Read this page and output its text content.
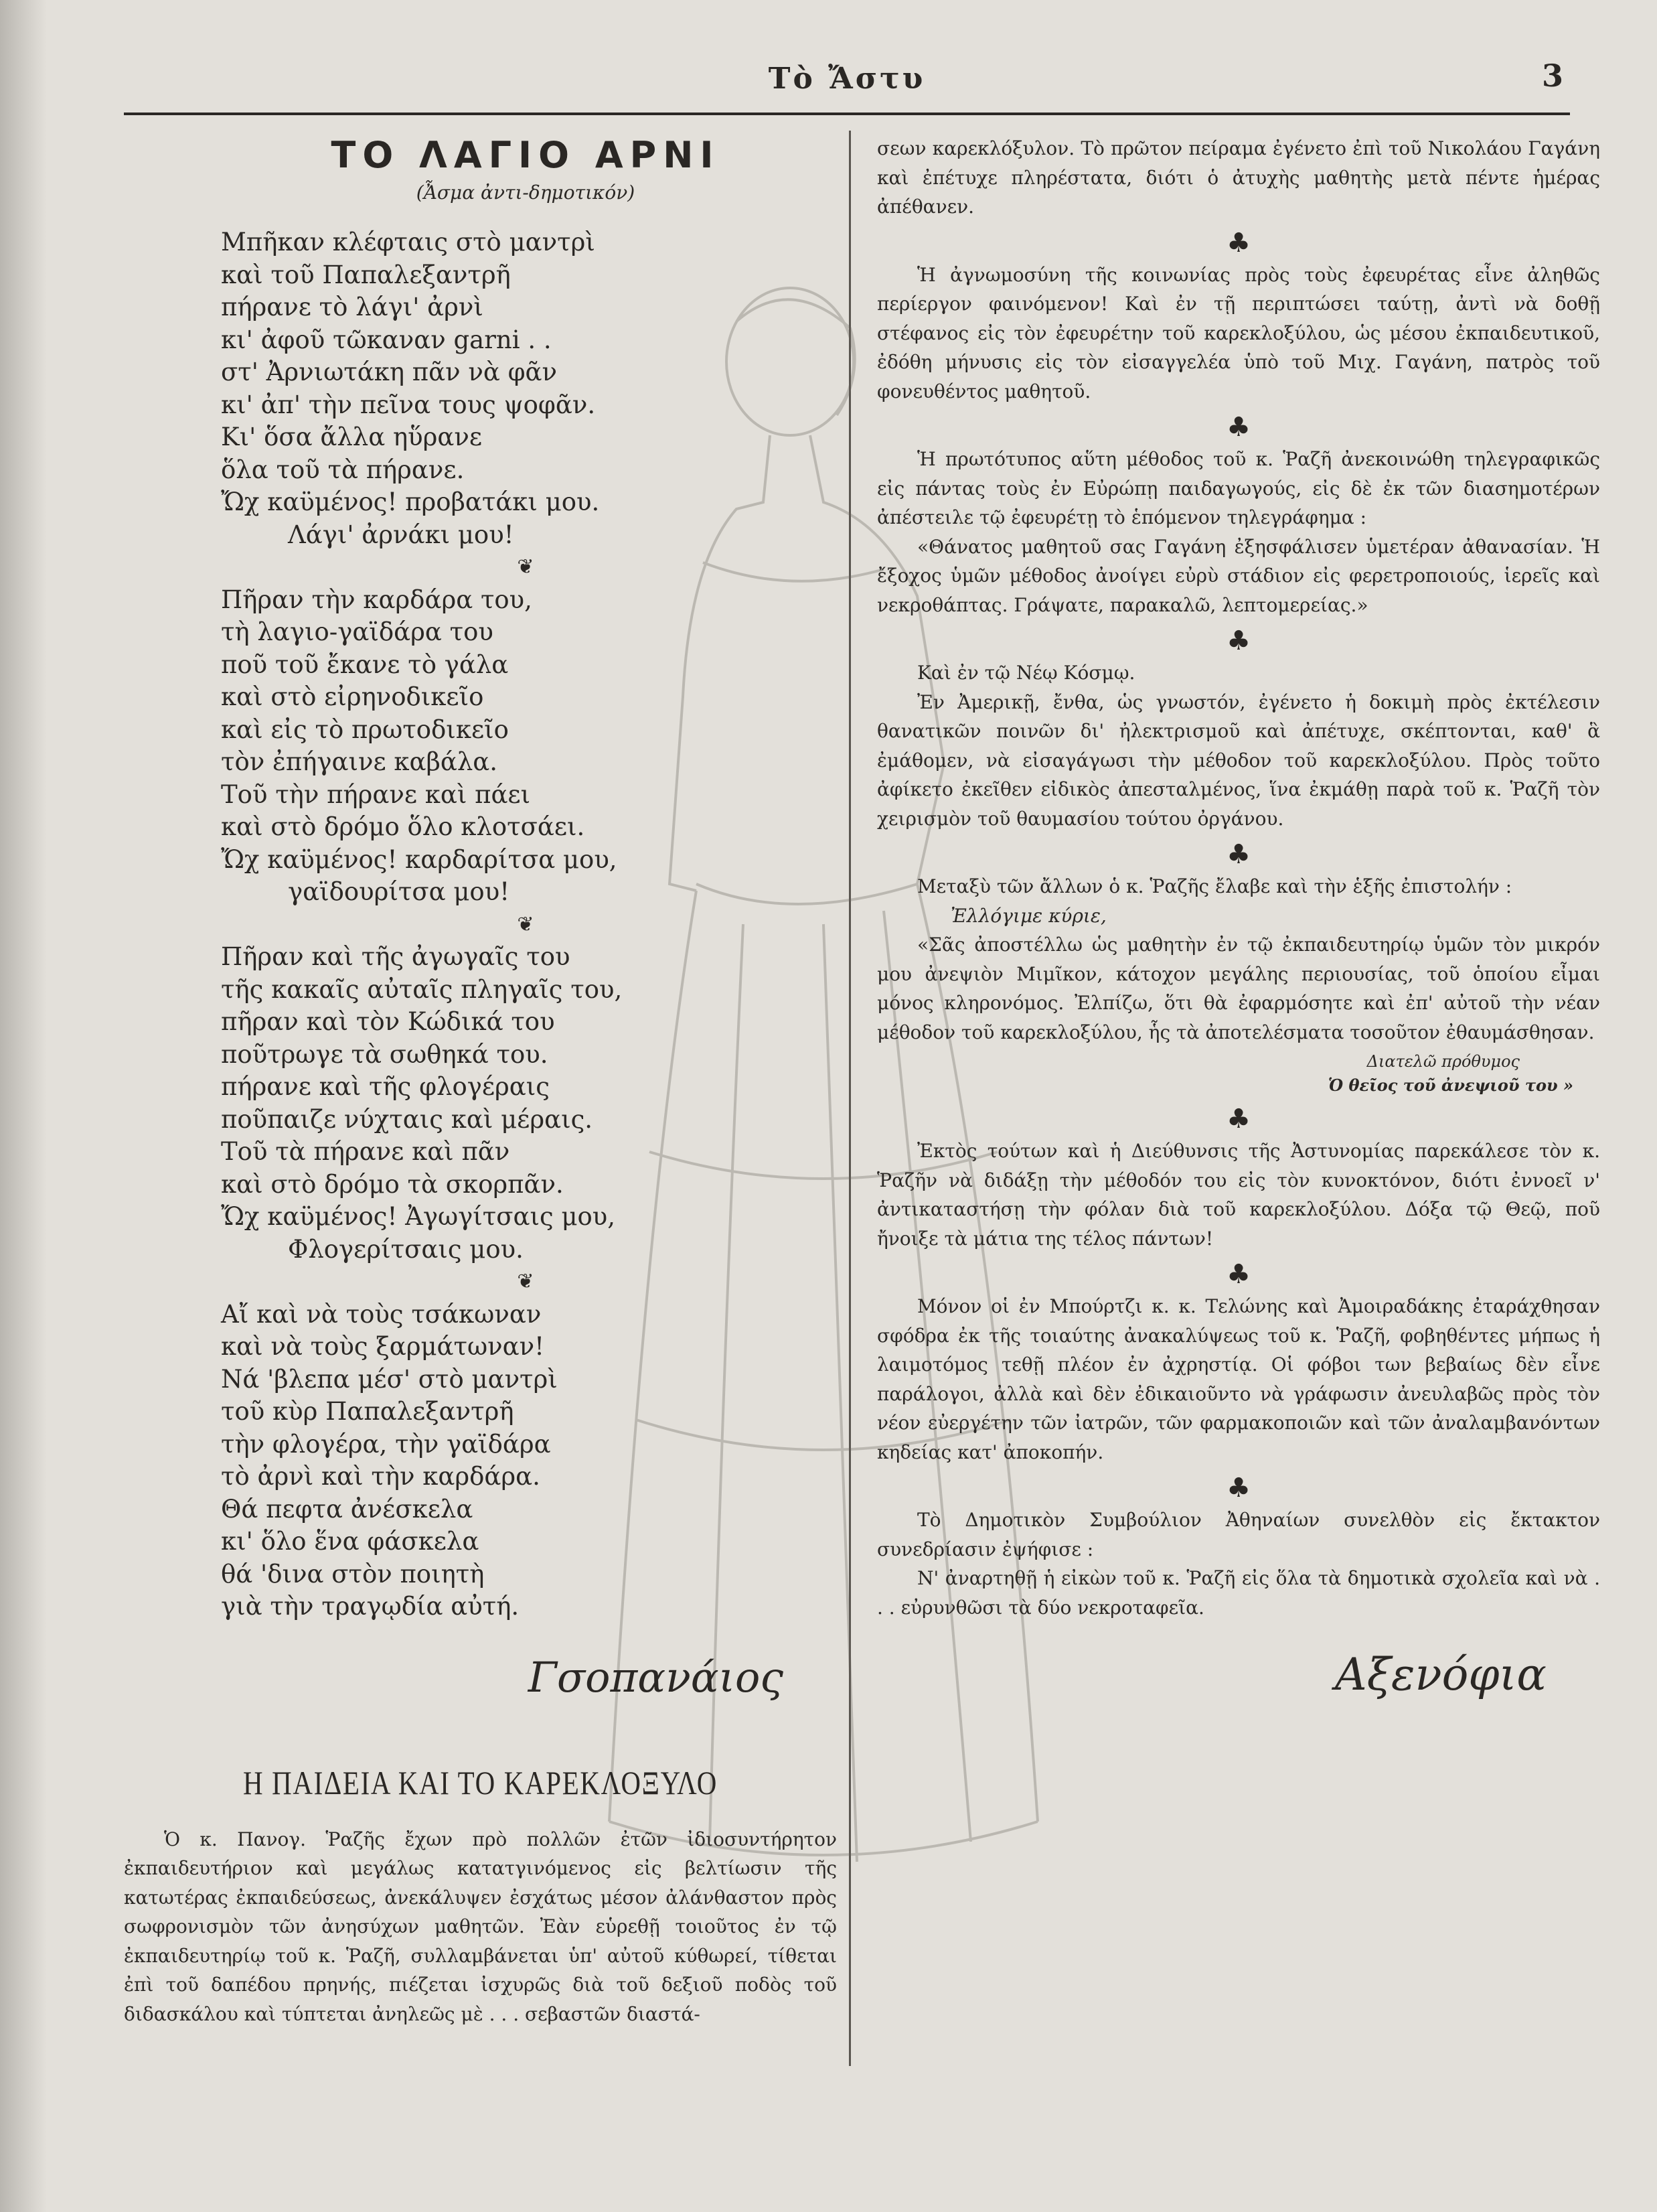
Τὸ Ἄστυ	3
ΤΟ ΛΑΓΙΟ ΑΡΝΙ
(Ἆσμα ἀντι-δημοτικόν)
Μπῆκαν κλέφταις στὸ μαντρὶ
καὶ τοῦ Παπαλεξαντρῆ
πήρανε τὸ λάγι' ἀρνὶ
κι' ἀφοῦ τῶκαναν garni . .
στ' Ἀρνιωτάκη πᾶν νὰ φᾶν
κι' ἀπ' τὴν πεῖνα τους ψοφᾶν.
Κι' ὅσα ἄλλα ηὕρανε
ὅλα τοῦ τὰ πήρανε.
Ὤχ καϋμένος! προβατάκι μου.
Λάγι' ἀρνάκι μου!
❦
Πῆραν τὴν καρδάρα του,
τὴ λαγιο-γαϊδάρα του
ποῦ τοῦ ἔκανε τὸ γάλα
καὶ στὸ εἰρηνοδικεῖο
καὶ εἰς τὸ πρωτοδικεῖο
τὸν ἐπήγαινε καβάλα.
Τοῦ τὴν πήρανε καὶ πάει
καὶ στὸ δρόμο ὅλο κλοτσάει.
Ὤχ καϋμένος! καρδαρίτσα μου,
γαϊδουρίτσα μου!
❦
Πῆραν καὶ τῆς ἀγωγαῖς του
τῆς κακαῖς αὐταῖς πληγαῖς του,
πῆραν καὶ τὸν Κώδικά του
ποῦτρωγε τὰ σωθηκά του.
πήρανε καὶ τῆς φλογέραις
ποῦπαιζε νύχταις καὶ μέραις.
Τοῦ τὰ πήρανε καὶ πᾶν
καὶ στὸ δρόμο τὰ σκορπᾶν.
Ὤχ καϋμένος! Ἀγωγίτσαις μου,
Φλογερίτσαις μου.
❦
Αἴ καὶ νὰ τοὺς τσάκωναν
καὶ νὰ τοὺς ξαρμάτωναν!
Νά 'βλεπα μέσ' στὸ μαντρὶ
τοῦ κὺρ Παπαλεξαντρῆ
τὴν φλογέρα, τὴν γαϊδάρα
τὸ ἀρνὶ καὶ τὴν καρδάρα.
Θά πεφτα ἀνέσκελα
κι' ὅλο ἕνα φάσκελα
θά 'δινα στὸν ποιητὴ
γιὰ τὴν τραγῳδία αὐτή.
Γσοπανάιος
Η ΠΑΙΔΕΙΑ ΚΑΙ ΤΟ ΚΑΡΕΚΛΟΞΥΛΟ

Ὁ κ. Πανογ. Ῥαζῆς ἔχων πρὸ πολλῶν ἐτῶν ἰδιοσυντήρητον ἐκπαιδευτήριον καὶ μεγάλως κατατγινόμενος εἰς βελτίωσιν τῆς κατωτέρας ἐκπαιδεύσεως, ἀνεκάλυψεν ἐσχάτως μέσον ἀλάνθαστον πρὸς σωφρονισμὸν τῶν ἀνησύχων μαθητῶν. Ἐὰν εὑρεθῇ τοιοῦτος ἐν τῷ ἐκπαιδευτηρίῳ τοῦ κ. Ῥαζῆ, συλλαμβάνεται ὑπ' αὐτοῦ κύθωρεί, τίθεται ἐπὶ τοῦ δαπέδου πρηνής, πιέζεται ἰσχυρῶς διὰ τοῦ δεξιοῦ ποδὸς τοῦ διδασκάλου καὶ τύπτεται ἀνηλεῶς μὲ . . . σεβαστῶν διαστά-

σεων καρεκλόξυλον. Τὸ πρῶτον πείραμα ἐγένετο ἐπὶ τοῦ Νικολάου Γαγάνη καὶ ἐπέτυχε πληρέστατα, διότι ὁ ἀτυχὴς μαθητὴς μετὰ πέντε ἡμέρας ἀπέθανεν.

♣

Ἡ ἀγνωμοσύνη τῆς κοινωνίας πρὸς τοὺς ἐφευρέτας εἶνε ἀληθῶς περίεργον φαινόμενον! Καὶ ἐν τῇ περιπτώσει ταύτῃ, ἀντὶ νὰ δοθῇ στέφανος εἰς τὸν ἐφευρέτην τοῦ καρεκλοξύλου, ὡς μέσου ἐκπαιδευτικοῦ, ἐδόθη μήνυσις εἰς τὸν εἰσαγγελέα ὑπὸ τοῦ Μιχ. Γαγάνη, πατρὸς τοῦ φονευθέντος μαθητοῦ.

♣

Ἡ πρωτότυπος αὕτη μέθοδος τοῦ κ. Ῥαζῆ ἀνεκοινώθη τηλεγραφικῶς εἰς πάντας τοὺς ἐν Εὐρώπῃ παιδαγωγούς, εἰς δὲ ἐκ τῶν διασημοτέρων ἀπέστειλε τῷ ἐφευρέτῃ τὸ ἑπόμενον τηλεγράφημα :

«Θάνατος μαθητοῦ σας Γαγάνη ἐξησφάλισεν ὑμετέραν ἀθανασίαν. Ἡ ἔξοχος ὑμῶν μέθοδος ἀνοίγει εὐρὺ στάδιον εἰς φερετροποιούς, ἱερεῖς καὶ νεκροθάπτας. Γράψατε, παρακαλῶ, λεπτομερείας.»

♣

Καὶ ἐν τῷ Νέῳ Κόσμῳ.

Ἐν Ἀμερικῇ, ἔνθα, ὡς γνωστόν, ἐγένετο ἡ δοκιμὴ πρὸς ἐκτέλεσιν θανατικῶν ποινῶν δι' ἠλεκτρισμοῦ καὶ ἀπέτυχε, σκέπτονται, καθ' ἃ ἐμάθομεν, νὰ εἰσαγάγωσι τὴν μέθοδον τοῦ καρεκλοξύλου. Πρὸς τοῦτο ἀφίκετο ἐκεῖθεν εἰδικὸς ἀπεσταλμένος, ἵνα ἐκμάθῃ παρὰ τοῦ κ. Ῥαζῆ τὸν χειρισμὸν τοῦ θαυμασίου τούτου ὀργάνου.

♣

Μεταξὺ τῶν ἄλλων ὁ κ. Ῥαζῆς ἔλαβε καὶ τὴν ἑξῆς ἐπιστολήν :

Ἐλλόγιμε κύριε,

«Σᾶς ἀποστέλλω ὡς μαθητὴν ἐν τῷ ἐκπαιδευτηρίῳ ὑμῶν τὸν μικρόν μου ἀνεψιὸν Μιμῖκον, κάτοχον μεγάλης περιουσίας, τοῦ ὁποίου εἶμαι μόνος κληρονόμος. Ἐλπίζω, ὅτι θὰ ἐφαρμόσητε καὶ ἐπ' αὐτοῦ τὴν νέαν μέθοδον τοῦ καρεκλοξύλου, ἧς τὰ ἀποτελέσματα τοσοῦτον ἐθαυμάσθησαν.

Διατελῶ πρόθυμος
Ὁ θεῖος τοῦ ἀνεψιοῦ του »
♣

Ἐκτὸς τούτων καὶ ἡ Διεύθυνσις τῆς Ἀστυνομίας παρεκάλεσε τὸν κ. Ῥαζῆν νὰ διδάξῃ τὴν μέθοδόν του εἰς τὸν κυνοκτόνον, διότι ἐννοεῖ ν' ἀντικαταστήσῃ τὴν φόλαν διὰ τοῦ καρεκλοξύλου. Δόξα τῷ Θεῷ, ποῦ ἤνοιξε τὰ μάτια της τέλος πάντων!

♣

Μόνον οἱ ἐν Μπούρτζι κ. κ. Τελώνης καὶ Ἀμοιραδάκης ἐταράχθησαν σφόδρα ἐκ τῆς τοιαύτης ἀνακαλύψεως τοῦ κ. Ῥαζῆ, φοβηθέντες μήπως ἡ λαιμοτόμος τεθῇ πλέον ἐν ἀχρηστίᾳ. Οἱ φόβοι των βεβαίως δὲν εἶνε παράλογοι, ἀλλὰ καὶ δὲν ἐδικαιοῦντο νὰ γράφωσιν ἀνευλαβῶς πρὸς τὸν νέον εὐεργέτην τῶν ἰατρῶν, τῶν φαρμακοποιῶν καὶ τῶν ἀναλαμβανόντων κηδείας κατ' ἀποκοπήν.

♣

Τὸ Δημοτικὸν Συμβούλιον Ἀθηναίων συνελθὸν εἰς ἔκτακτον συνεδρίασιν ἐψήφισε :

Ν' ἀναρτηθῇ ἡ εἰκὼν τοῦ κ. Ῥαζῆ εἰς ὅλα τὰ δημοτικὰ σχολεῖα καὶ νὰ . . . εὐρυνθῶσι τὰ δύο νεκροταφεῖα.

Αξενόφια
